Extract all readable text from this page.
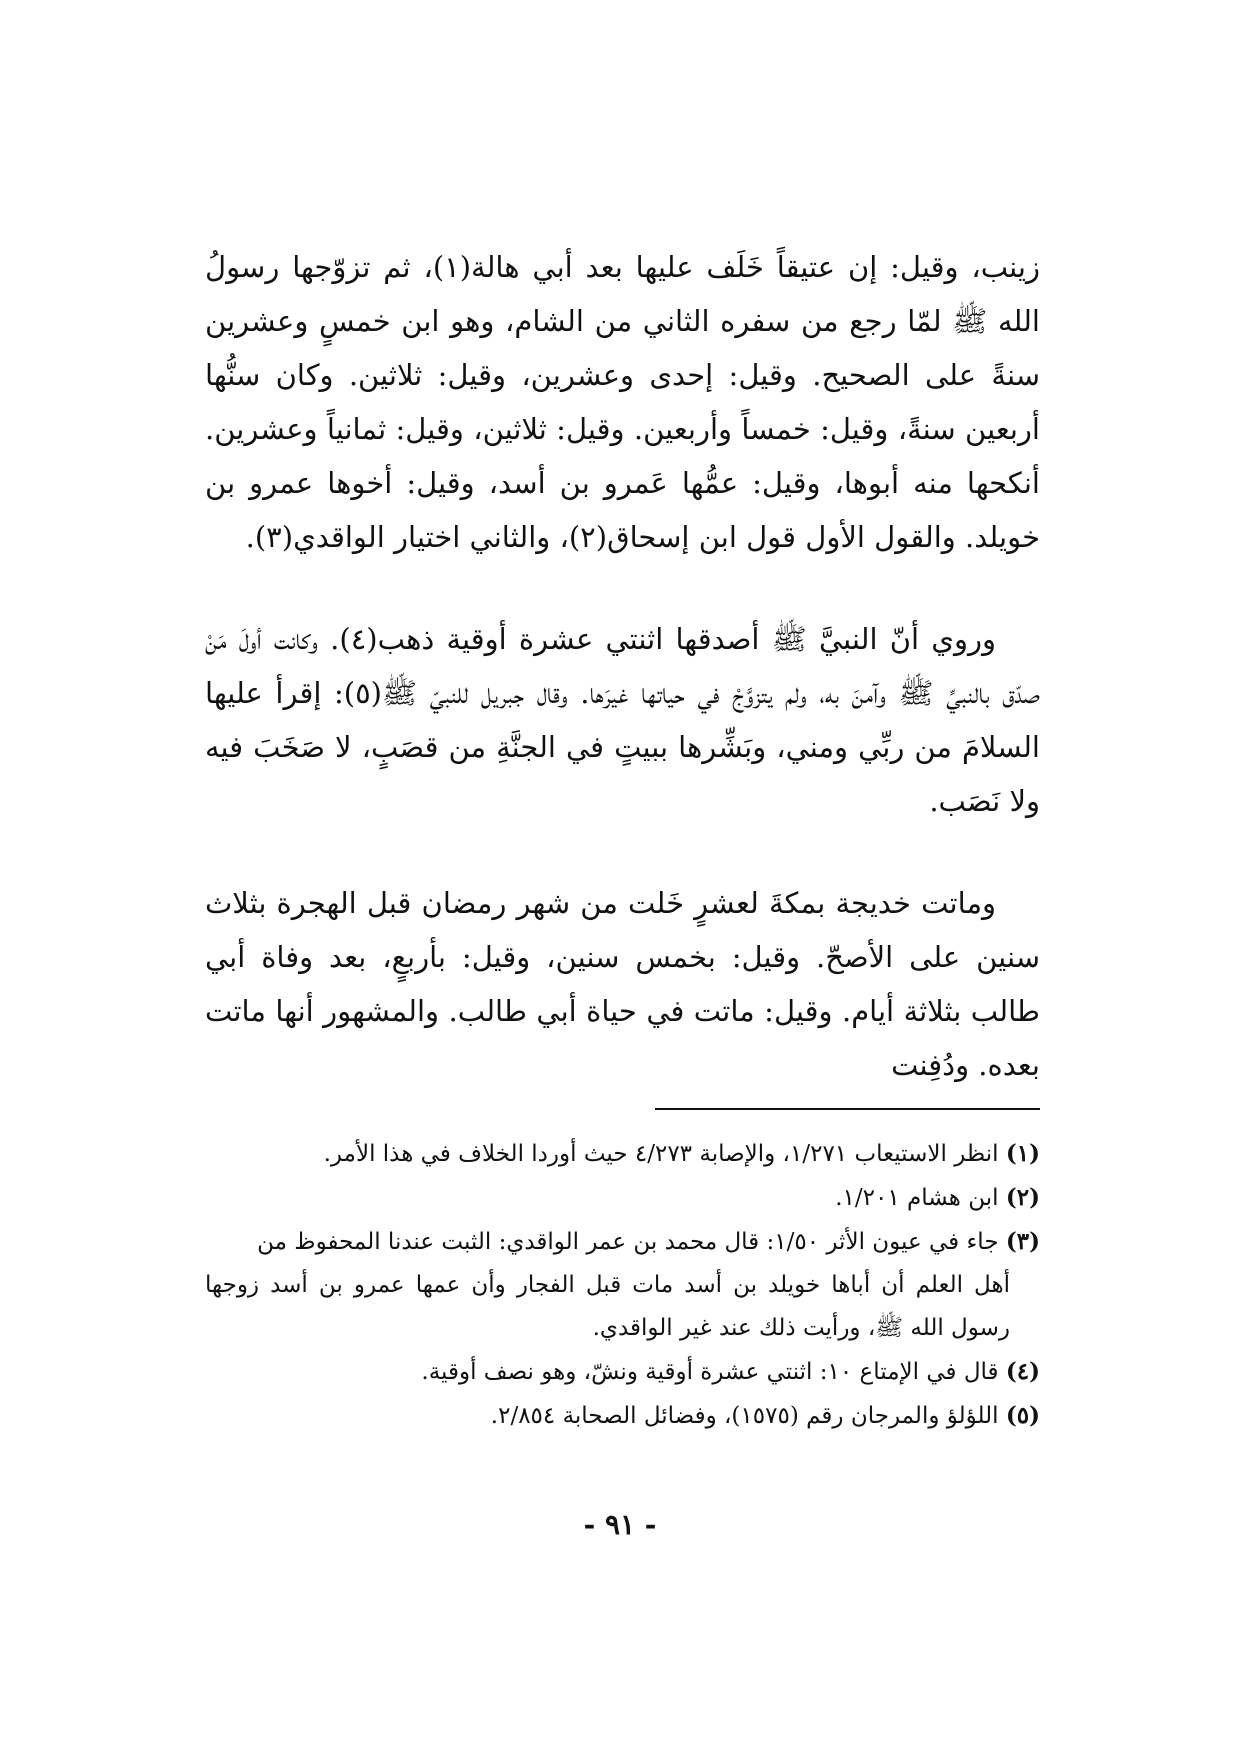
زينب، وقيل: إن عتيقاً خَلَف عليها بعد أبي هالة(١)، ثم تزوّجها رسولُ الله ﷺ لمّا رجع من سفره الثاني من الشام، وهو ابن خمسٍ وعشرين سنةً على الصحيح. وقيل: إحدى وعشرين، وقيل: ثلاثين. وكان سنُّها أربعين سنةً، وقيل: خمساً وأربعين. وقيل: ثلاثين، وقيل: ثمانياً وعشرين. أنكحها منه أبوها، وقيل: عمُّها عَمرو بن أسد، وقيل: أخوها عمرو بن خويلد. والقول الأول قول ابن إسحاق(٢)، والثاني اختيار الواقدي(٣).

وروي أنّ النبيَّ ﷺ أصدقها اثنتي عشرة أوقية ذهب(٤). وكانت أولَ مَنْ صدّق بالنبيِّ ﷺ وآمنَ به، ولم يتزوَّجْ في حياتها غيرَها. وقال جبريل للنبيّ ﷺ(٥): إقرأ عليها السلامَ من ربِّي ومني، وبَشِّرها ببيتٍ في الجنَّةِ من قصَبٍ، لا صَخَبَ فيه ولا نَصَب.

وماتت خديجة بمكةَ لعشرٍ خَلت من شهر رمضان قبل الهجرة بثلاث سنين على الأصحّ. وقيل: بخمس سنين، وقيل: بأربعٍ، بعد وفاة أبي طالب بثلاثة أيام. وقيل: ماتت في حياة أبي طالب. والمشهور أنها ماتت بعده. ودُفِنت

(١) انظر الاستيعاب ١/٢٧١، والإصابة ٤/٢٧٣ حيث أوردا الخلاف في هذا الأمر.

(٢) ابن هشام ١/٢٠١.

(٣) جاء في عيون الأثر ١/٥٠: قال محمد بن عمر الواقدي: الثبت عندنا المحفوظ من
أهل العلم أن أباها خويلد بن أسد مات قبل الفجار وأن عمها عمرو بن أسد زوجها رسول الله ﷺ، ورأيت ذلك عند غير الواقدي.

(٤) قال في الإمتاع ١٠: اثنتي عشرة أوقية ونشّ، وهو نصف أوقية.

(٥) اللؤلؤ والمرجان رقم (١٥٧٥)، وفضائل الصحابة ٢/٨٥٤.

- ٩١ -
